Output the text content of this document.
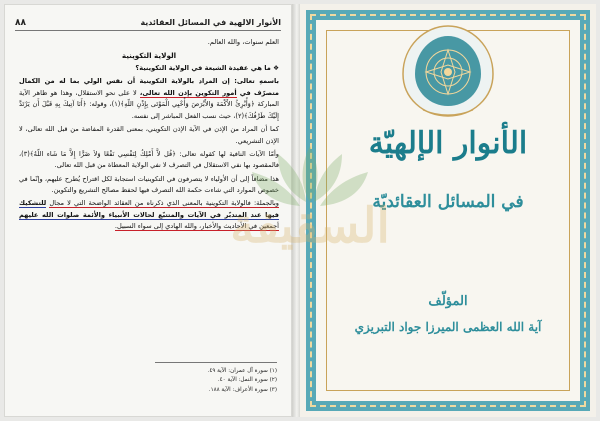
الأنوار الالهية في المسائل العقائدية
٨٨

العلم سنوات، والله العالم.

الولاية التكوينية

❖ ما هي عقيدة الشيعة في الولاية التكوينية؟

باسمهِ تعالى: إن المراد بالولاية التكوينية أن نفس الولي بما له من الكمال متصرّف في أمور التكوين بإذن الله تعالى، لا على نحو الاستقلال، وهذا هو ظاهر الآية المباركة ﴿وَأُبْرِئُ الأَكْمَهَ وَالأَبْرَصَ وَأُحْيِي الْمَوْتَى بِإِذْنِ اللّهِ﴾(١)، وقوله: ﴿أَنَا آتِيكَ بِهِ قَبْلَ أَن يَرْتَدَّ إِلَيْكَ طَرْفُكَ﴾(٢)، حيث نسب الفعل المباشر إلى نفسه.

كما أن المراد من الإذن في الآية الإذن التكويني، بمعنى القدرة المفاضة من قبل الله تعالى، لا الإذن التشريعي.

وأمّا الآيات النافية لها كقوله تعالى: ﴿قُل لاَّ أَمْلِكُ لِنَفْسِي نَفْعًا وَلاَ ضَرًّا إِلاَّ مَا شَاء اللّهُ﴾(٣)، فالمقصود بها نفي الاستقلال في التصرف لا نفي الولاية المعطاة من قبل الله تعالى.

هذا مضافاً إلى أن الأولياء لا يتصرفون في التكوينيات استجابة لكل اقتراح يُطرح عليهم، وإنّما في خصوص الموارد التي شاءت حكمة الله التصرف فيها لحفظ مصالح التشريع والتكوين.

وبالجملة: فالولاية التكوينية بالمعنى الذي ذكرناه من العقائد الواضحة التي لا مجال للتشكيك فيها عند المتدبّر في الآيات والمتتبّع لحالات الأنبياء والأئمة صلوات الله عليهم أجمعين في الأحاديث والأخبار، والله الهادي إلى سواء السبيل.

(١) سورة آل عمران: الآية ٤٩.
(٢) سورة النمل: الآية ٤٠.
(٣) سورة الأعراف: الآية ١٨٨.
الأنوار الإلهيّة
في المسائل العقائديّة
المؤلّف
آية الله العظمى الميرزا جواد التبريزي
السقيفة
